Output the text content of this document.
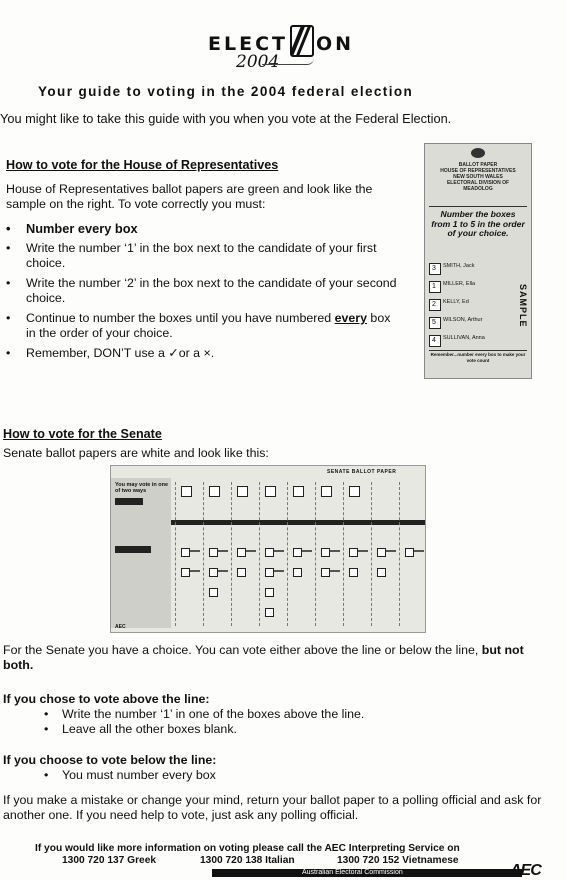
ELECT ON
2004
Your guide to voting in the 2004 federal election
You might like to take this guide with you when you vote at the Federal Election.
How to vote for the House of Representatives
House of Representatives ballot papers are green and look like the sample on the right. To vote correctly you must:
• Number every box
• Write the number ‘1’ in the box next to the candidate of your first choice.
• Write the number ‘2’ in the box next to the candidate of your second choice.
• Continue to number the boxes until you have numbered every box in the order of your choice.
• Remember, DON’T use a ✓or a ×.
BALLOT PAPER
HOUSE OF REPRESENTATIVES
NEW SOUTH WALES
ELECTORAL DIVISION OF
MEADOLOG
Number the boxes from 1 to 5 in the order of your choice.
3 SMITH, Jack
1 MILLER, Ella
2 KELLY, Ed
5 WILSON, Arthur
4 SULLIVAN, Anna
SAMPLE
Remember...number every box to make your vote count
How to vote for the Senate
Senate ballot papers are white and look like this:
SENATE BALLOT PAPER
You may vote in one of two ways
AEC
For the Senate you have a choice. You can vote either above the line or below the line, but not both.
If you chose to vote above the line:
• Write the number ‘1’ in one of the boxes above the line.
• Leave all the other boxes blank.
If you choose to vote below the line:
• You must number every box
If you make a mistake or change your mind, return your ballot paper to a polling official and ask for another one. If you need help to vote, just ask any polling official.
If you would like more information on voting please call the AEC Interpreting Service on
1300 720 137 Greek	1300 720 138 Italian	1300 720 152 Vietnamese
Australian Electoral Commission	AEC
